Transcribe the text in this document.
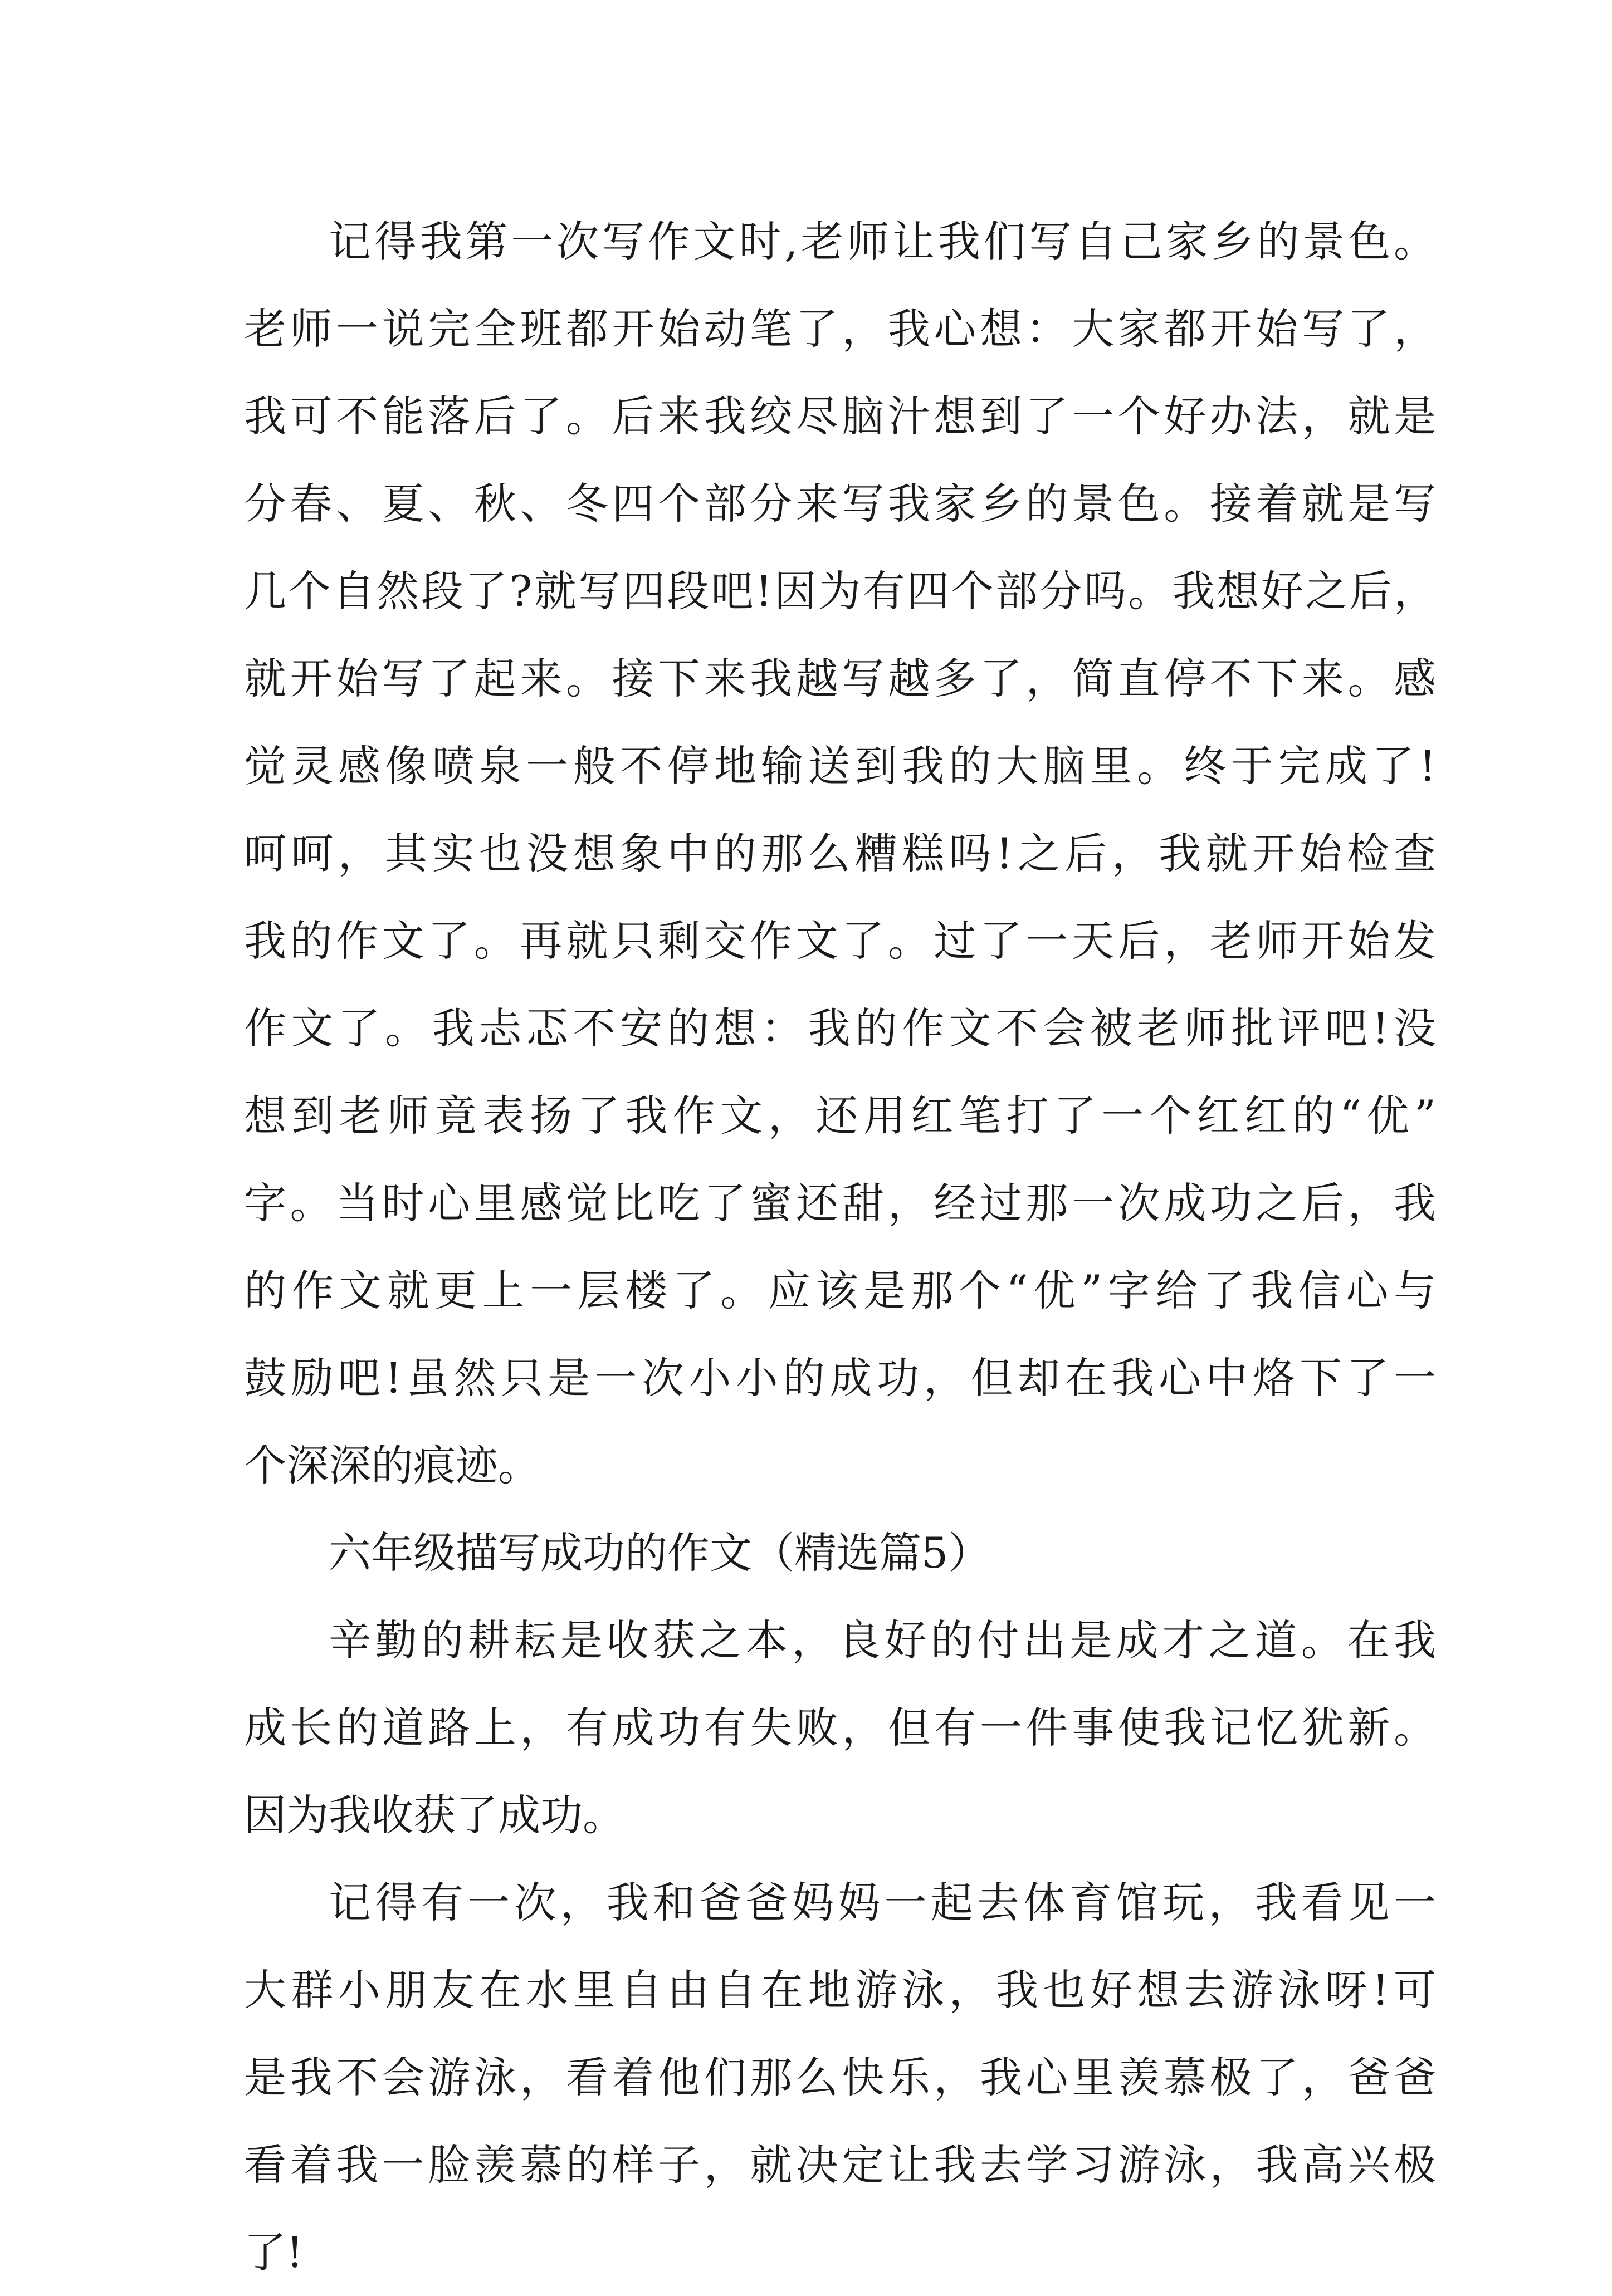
记得我第一次写作文时,老师让我们写自己家乡的景色。
老师一说完全班都开始动笔了，我心想：大家都开始写了，
我可不能落后了。后来我绞尽脑汁想到了一个好办法，就是
分春、夏、秋、冬四个部分来写我家乡的景色。接着就是写
几个自然段了?就写四段吧!因为有四个部分吗。我想好之后，
就开始写了起来。接下来我越写越多了，简直停不下来。感
觉灵感像喷泉一般不停地输送到我的大脑里。终于完成了!
呵呵，其实也没想象中的那么糟糕吗!之后，我就开始检查
我的作文了。再就只剩交作文了。过了一天后，老师开始发
作文了。我忐忑不安的想：我的作文不会被老师批评吧!没
想到老师竟表扬了我作文，还用红笔打了一个红红的“优”
字。当时心里感觉比吃了蜜还甜，经过那一次成功之后，我
的作文就更上一层楼了。应该是那个“优”字给了我信心与
鼓励吧!虽然只是一次小小的成功，但却在我心中烙下了一
个深深的痕迹。
六年级描写成功的作文（精选篇5）
辛勤的耕耘是收获之本，良好的付出是成才之道。在我
成长的道路上，有成功有失败，但有一件事使我记忆犹新。
因为我收获了成功。
记得有一次，我和爸爸妈妈一起去体育馆玩，我看见一
大群小朋友在水里自由自在地游泳，我也好想去游泳呀!可
是我不会游泳，看着他们那么快乐，我心里羡慕极了，爸爸
看着我一脸羡慕的样子，就决定让我去学习游泳，我高兴极
了!
